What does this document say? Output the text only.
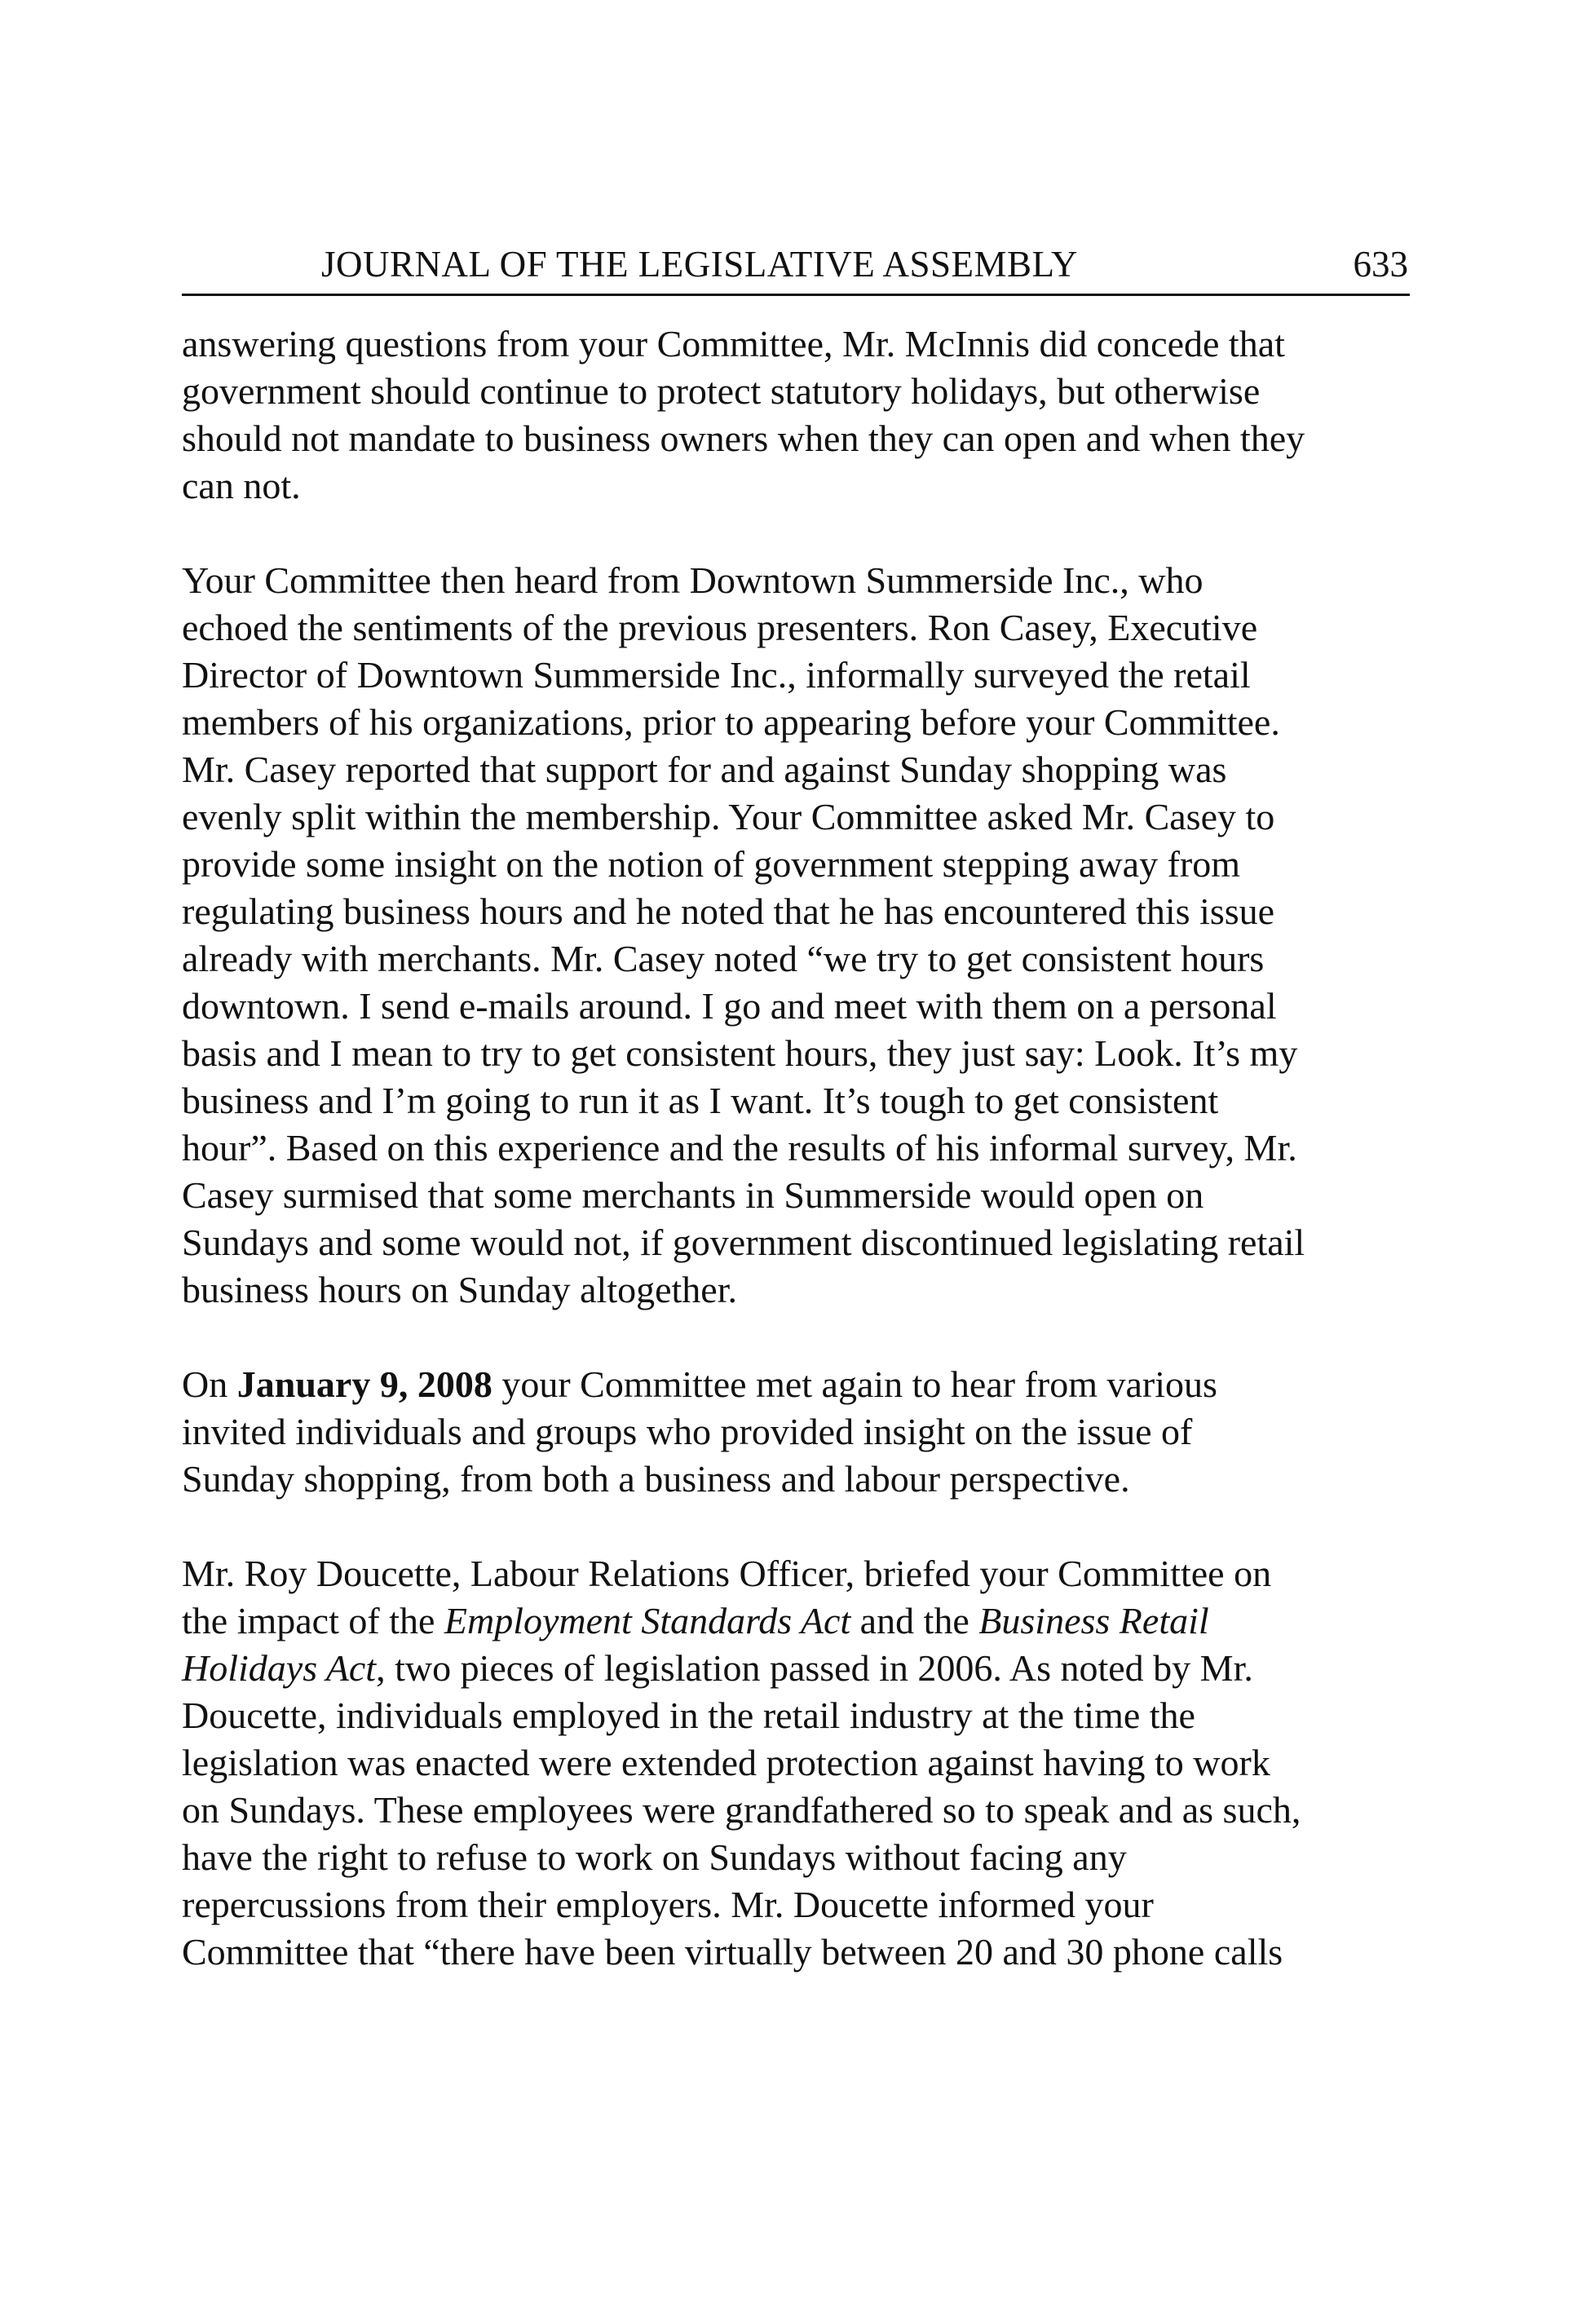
JOURNAL OF THE LEGISLATIVE ASSEMBLY	633

answering questions from your Committee, Mr. McInnis did concede that
government should continue to protect statutory holidays, but otherwise
should not mandate to business owners when they can open and when they
can not.

Your Committee then heard from Downtown Summerside Inc., who
echoed the sentiments of the previous presenters. Ron Casey, Executive
Director of Downtown Summerside Inc., informally surveyed the retail
members of his organizations, prior to appearing before your Committee.
Mr. Casey reported that support for and against Sunday shopping was
evenly split within the membership. Your Committee asked Mr. Casey to
provide some insight on the notion of government stepping away from
regulating business hours and he noted that he has encountered this issue
already with merchants. Mr. Casey noted “we try to get consistent hours
downtown. I send e-mails around. I go and meet with them on a personal
basis and I mean to try to get consistent hours, they just say: Look. It’s my
business and I’m going to run it as I want. It’s tough to get consistent
hour”. Based on this experience and the results of his informal survey, Mr.
Casey surmised that some merchants in Summerside would open on
Sundays and some would not, if government discontinued legislating retail
business hours on Sunday altogether.

On January 9, 2008 your Committee met again to hear from various
invited individuals and groups who provided insight on the issue of
Sunday shopping, from both a business and labour perspective.

Mr. Roy Doucette, Labour Relations Officer, briefed your Committee on
the impact of the Employment Standards Act and the Business Retail
Holidays Act, two pieces of legislation passed in 2006. As noted by Mr.
Doucette, individuals employed in the retail industry at the time the
legislation was enacted were extended protection against having to work
on Sundays. These employees were grandfathered so to speak and as such,
have the right to refuse to work on Sundays without facing any
repercussions from their employers. Mr. Doucette informed your
Committee that “there have been virtually between 20 and 30 phone calls
